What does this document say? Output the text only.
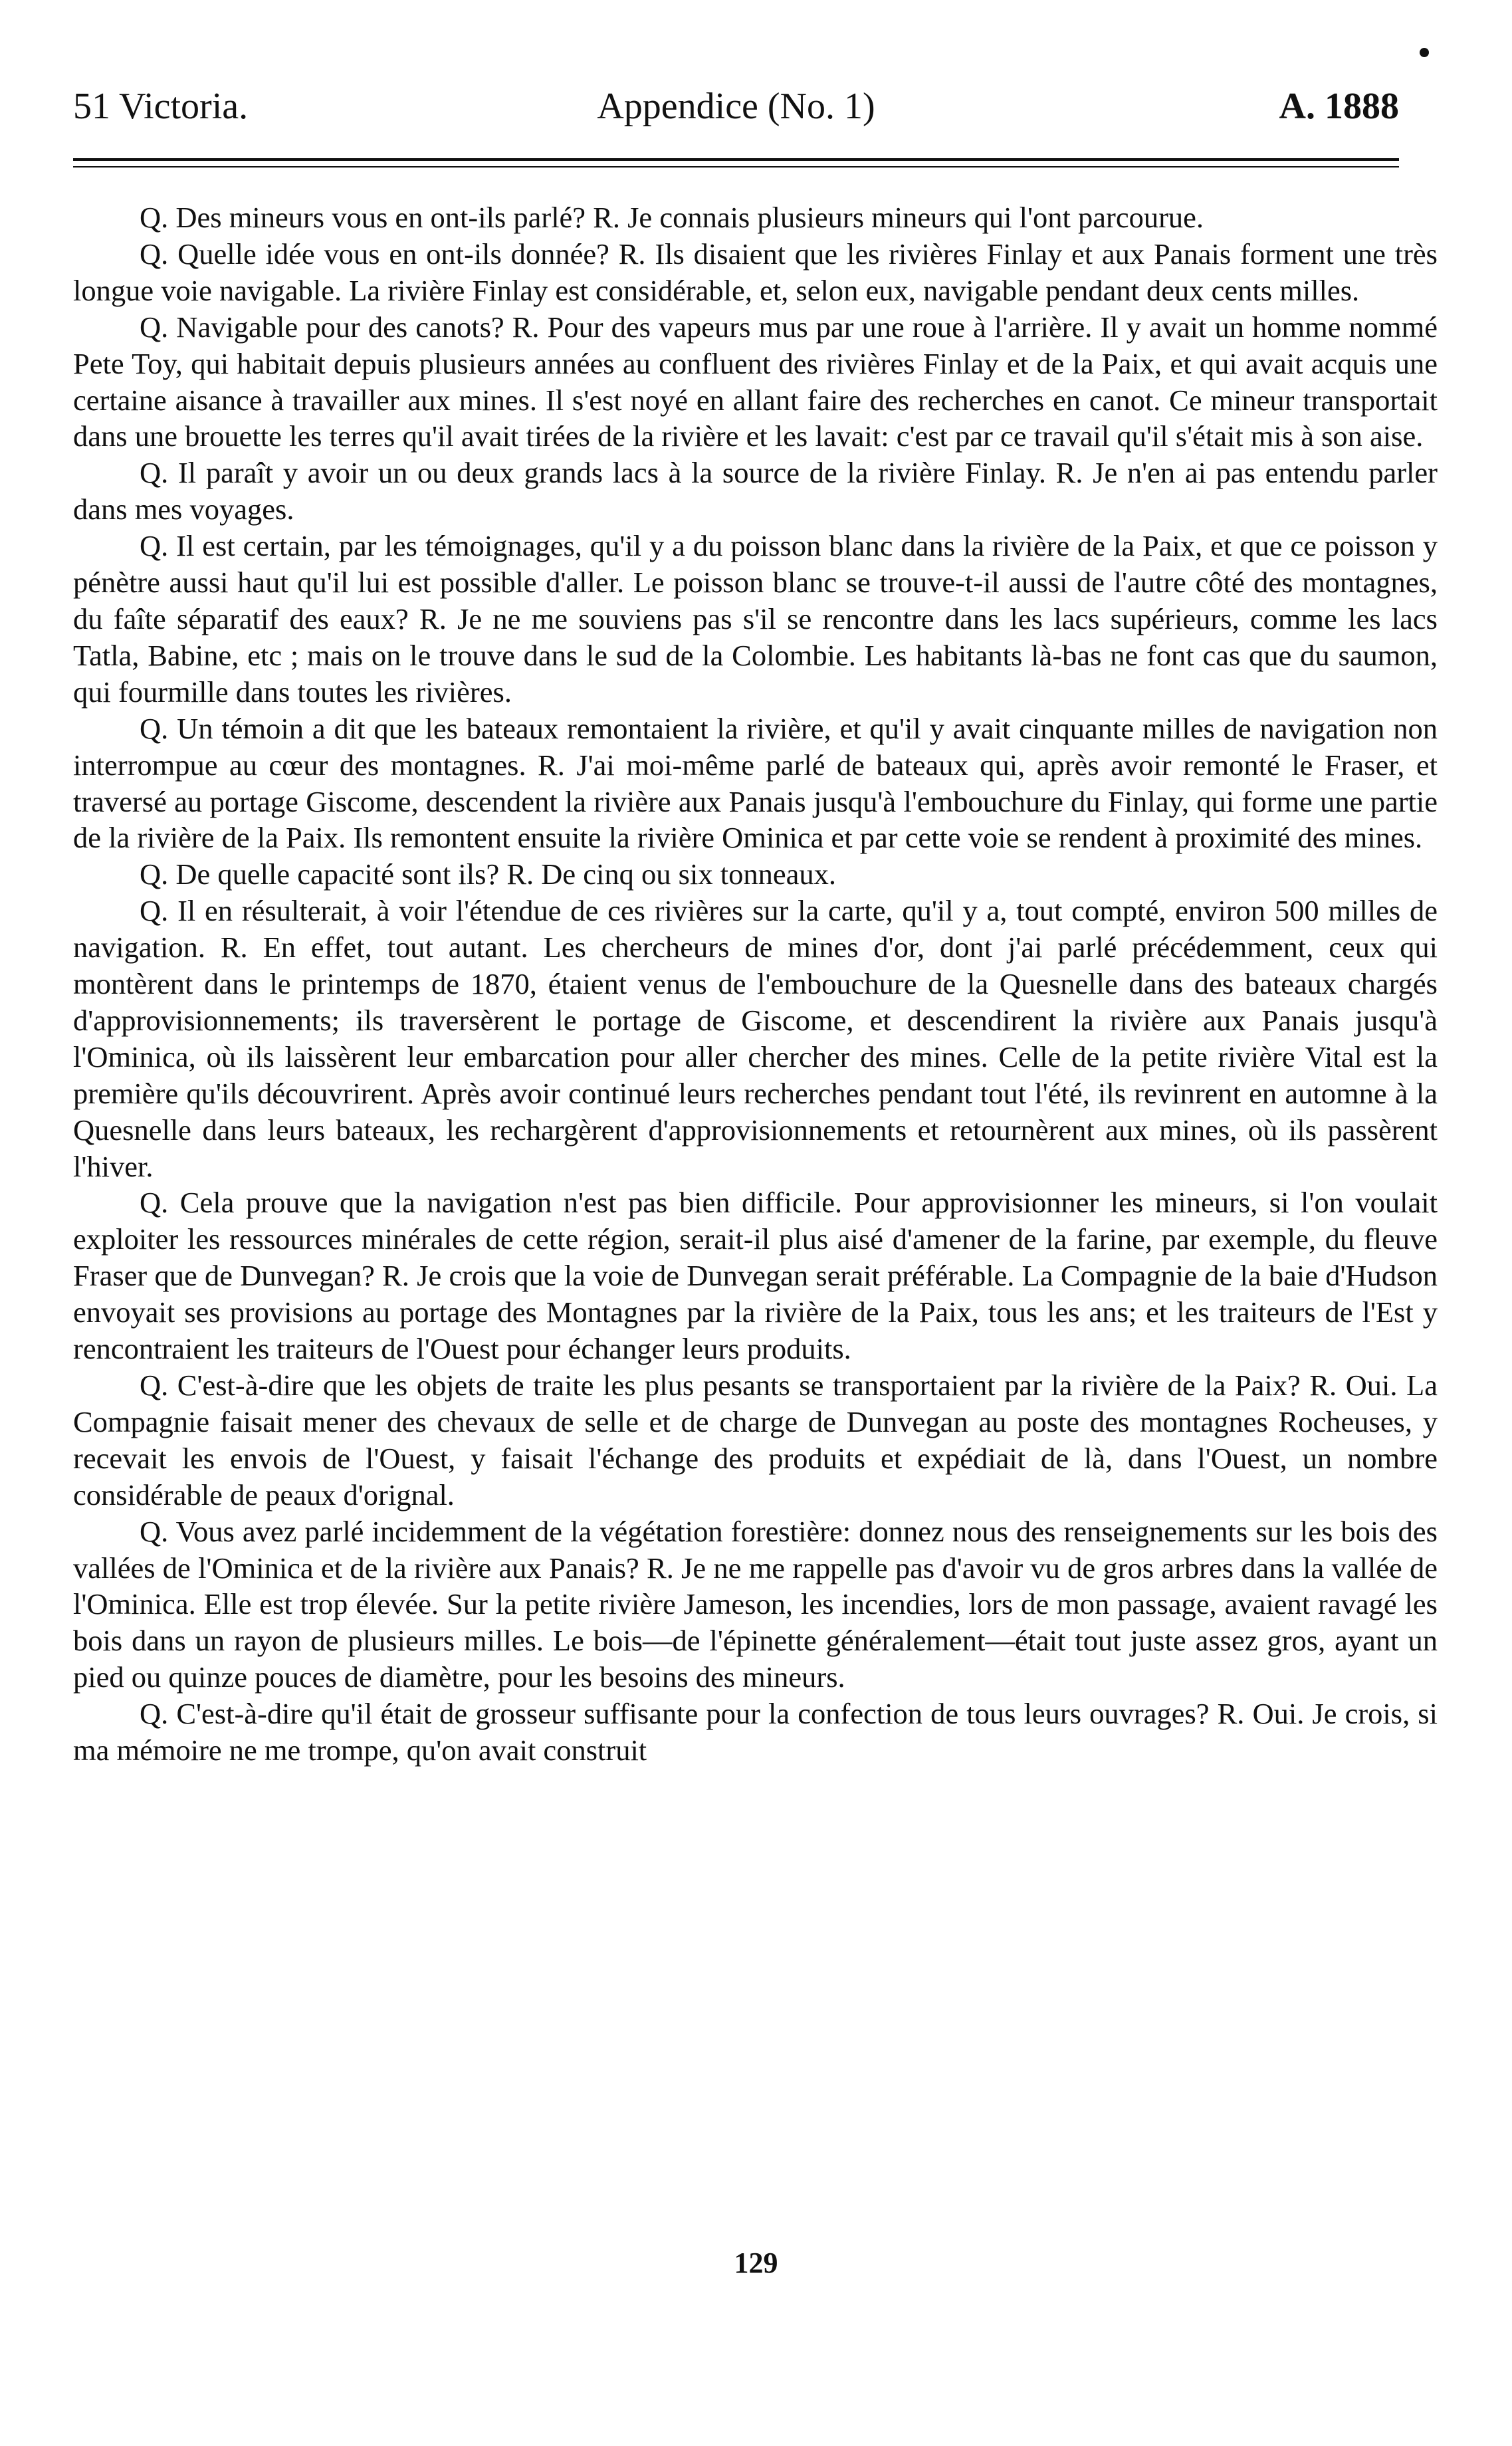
51 Victoria.	Appendice (No. 1)	A. 1888

Q. Des mineurs vous en ont-ils parlé? R. Je connais plusieurs mineurs qui l'ont parcourue.

Q. Quelle idée vous en ont-ils donnée? R. Ils disaient que les rivières Finlay et aux Panais forment une très longue voie navigable. La rivière Finlay est considérable, et, selon eux, navigable pendant deux cents milles.

Q. Navigable pour des canots? R. Pour des vapeurs mus par une roue à l'arrière. Il y avait un homme nommé Pete Toy, qui habitait depuis plusieurs années au confluent des rivières Finlay et de la Paix, et qui avait acquis une certaine aisance à travailler aux mines. Il s'est noyé en allant faire des recherches en canot. Ce mineur transportait dans une brouette les terres qu'il avait tirées de la rivière et les lavait: c'est par ce travail qu'il s'était mis à son aise.

Q. Il paraît y avoir un ou deux grands lacs à la source de la rivière Finlay. R. Je n'en ai pas entendu parler dans mes voyages.

Q. Il est certain, par les témoignages, qu'il y a du poisson blanc dans la rivière de la Paix, et que ce poisson y pénètre aussi haut qu'il lui est possible d'aller. Le poisson blanc se trouve-t-il aussi de l'autre côté des montagnes, du faîte séparatif des eaux? R. Je ne me souviens pas s'il se rencontre dans les lacs supérieurs, comme les lacs Tatla, Babine, etc ; mais on le trouve dans le sud de la Colombie. Les habitants là-bas ne font cas que du saumon, qui fourmille dans toutes les rivières.

Q. Un témoin a dit que les bateaux remontaient la rivière, et qu'il y avait cinquante milles de navigation non interrompue au cœur des montagnes. R. J'ai moi-même parlé de bateaux qui, après avoir remonté le Fraser, et traversé au portage Giscome, descendent la rivière aux Panais jusqu'à l'embouchure du Finlay, qui forme une partie de la rivière de la Paix. Ils remontent ensuite la rivière Ominica et par cette voie se rendent à proximité des mines.

Q. De quelle capacité sont ils? R. De cinq ou six tonneaux.

Q. Il en résulterait, à voir l'étendue de ces rivières sur la carte, qu'il y a, tout compté, environ 500 milles de navigation. R. En effet, tout autant. Les chercheurs de mines d'or, dont j'ai parlé précédemment, ceux qui montèrent dans le printemps de 1870, étaient venus de l'embouchure de la Quesnelle dans des bateaux chargés d'approvisionnements; ils traversèrent le portage de Giscome, et descendirent la rivière aux Panais jusqu'à l'Ominica, où ils laissèrent leur embarcation pour aller chercher des mines. Celle de la petite rivière Vital est la première qu'ils découvrirent. Après avoir continué leurs recherches pendant tout l'été, ils revinrent en automne à la Quesnelle dans leurs bateaux, les rechargèrent d'approvisionnements et retournèrent aux mines, où ils passèrent l'hiver.

Q. Cela prouve que la navigation n'est pas bien difficile. Pour approvisionner les mineurs, si l'on voulait exploiter les ressources minérales de cette région, serait-il plus aisé d'amener de la farine, par exemple, du fleuve Fraser que de Dunvegan? R. Je crois que la voie de Dunvegan serait préférable. La Compagnie de la baie d'Hudson envoyait ses provisions au portage des Montagnes par la rivière de la Paix, tous les ans; et les traiteurs de l'Est y rencontraient les traiteurs de l'Ouest pour échanger leurs produits.

Q. C'est-à-dire que les objets de traite les plus pesants se transportaient par la rivière de la Paix? R. Oui. La Compagnie faisait mener des chevaux de selle et de charge de Dunvegan au poste des montagnes Rocheuses, y recevait les envois de l'Ouest, y faisait l'échange des produits et expédiait de là, dans l'Ouest, un nombre considérable de peaux d'orignal.

Q. Vous avez parlé incidemment de la végétation forestière: donnez nous des renseignements sur les bois des vallées de l'Ominica et de la rivière aux Panais? R. Je ne me rappelle pas d'avoir vu de gros arbres dans la vallée de l'Ominica. Elle est trop élevée. Sur la petite rivière Jameson, les incendies, lors de mon passage, avaient ravagé les bois dans un rayon de plusieurs milles. Le bois—de l'épinette généralement—était tout juste assez gros, ayant un pied ou quinze pouces de diamètre, pour les besoins des mineurs.

Q. C'est-à-dire qu'il était de grosseur suffisante pour la confection de tous leurs ouvrages? R. Oui. Je crois, si ma mémoire ne me trompe, qu'on avait construit

129
